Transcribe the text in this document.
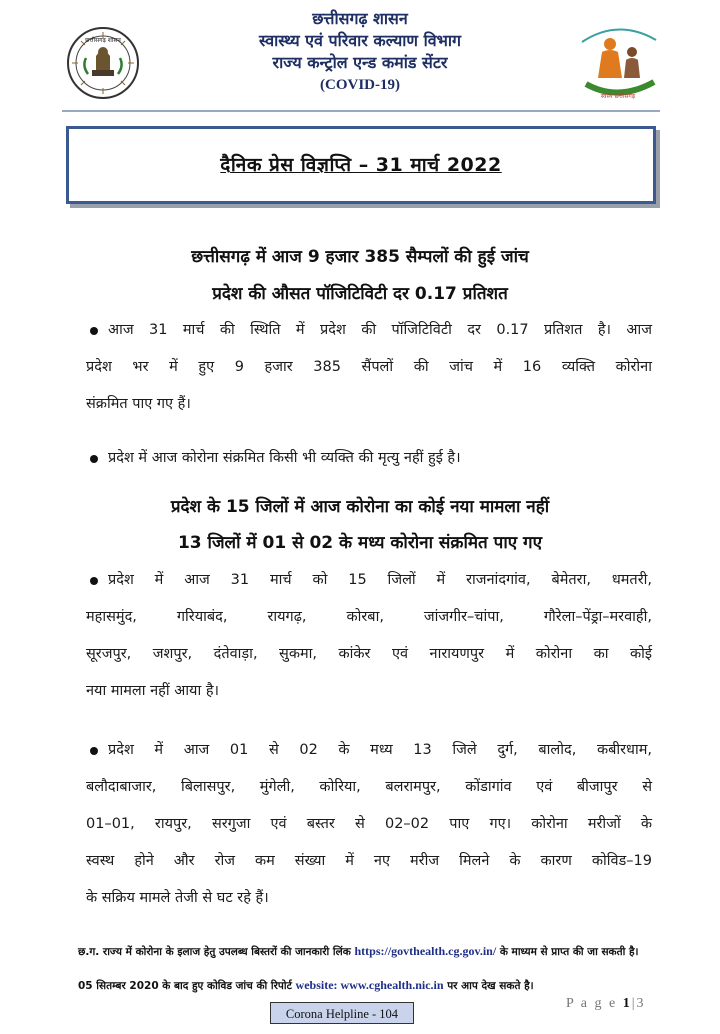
छत्तीसगढ़ शासन
छत्तीसगढ़ शासन
स्वास्थ्य एवं परिवार कल्याण विभाग
राज्य कन्ट्रोल एन्ड कमांड सेंटर
(COVID-19)
स्वस्थ छत्तीसगढ़
दैनिक प्रेस विज्ञप्ति – 31 मार्च 2022
छत्तीसगढ़ में आज 9 हजार 385 सैम्पलों की हुई जांच
प्रदेश की औसत पॉजिटिविटी दर 0.17 प्रतिशत
आज 31 मार्च की स्थिति में प्रदेश की पॉजिटिविटी दर 0.17 प्रतिशत है। आज
प्रदेश भर में हुए 9 हजार 385 सैंपलों की जांच में 16 व्यक्ति कोरोना
संक्रमित पाए गए हैं।
प्रदेश में आज कोरोना संक्रमित किसी भी व्यक्ति की मृत्यु नहीं हुई है।
प्रदेश के 15 जिलों में आज कोरोना का कोई नया मामला नहीं
13 जिलों में 01 से 02 के मध्य कोरोना संक्रमित पाए गए
प्रदेश में आज 31 मार्च को 15 जिलों में राजनांदगांव, बेमेतरा, धमतरी,
महासमुंद, गरियाबंद, रायगढ़, कोरबा, जांजगीर–चांपा, गौरेला–पेंड्रा–मरवाही,
सूरजपुर, जशपुर, दंतेवाड़ा, सुकमा, कांकेर एवं नारायणपुर में कोरोना का कोई
नया मामला नहीं आया है।
प्रदेश में आज 01 से 02 के मध्य 13 जिले दुर्ग, बालोद, कबीरधाम,
बलौदाबाजार, बिलासपुर, मुंगेली, कोरिया, बलरामपुर, कोंडागांव एवं बीजापुर से
01–01, रायपुर, सरगुजा एवं बस्तर से 02–02 पाए गए। कोरोना मरीजों के
स्वस्थ होने और रोज कम संख्या में नए मरीज मिलने के कारण कोविड–19
के सक्रिय मामले तेजी से घट रहे हैं।
छ.ग. राज्य में कोरोना के इलाज हेतु उपलब्ध बिस्तरों की जानकारी लिंक https://govthealth.cg.gov.in/ के माध्यम से प्राप्त की जा सकती है।
05 सितम्बर 2020 के बाद हुए कोविड जांच की रिपोर्ट website: www.cghealth.nic.in पर आप देख सकते है।
Corona Helpline - 104
P a g e 1|3
